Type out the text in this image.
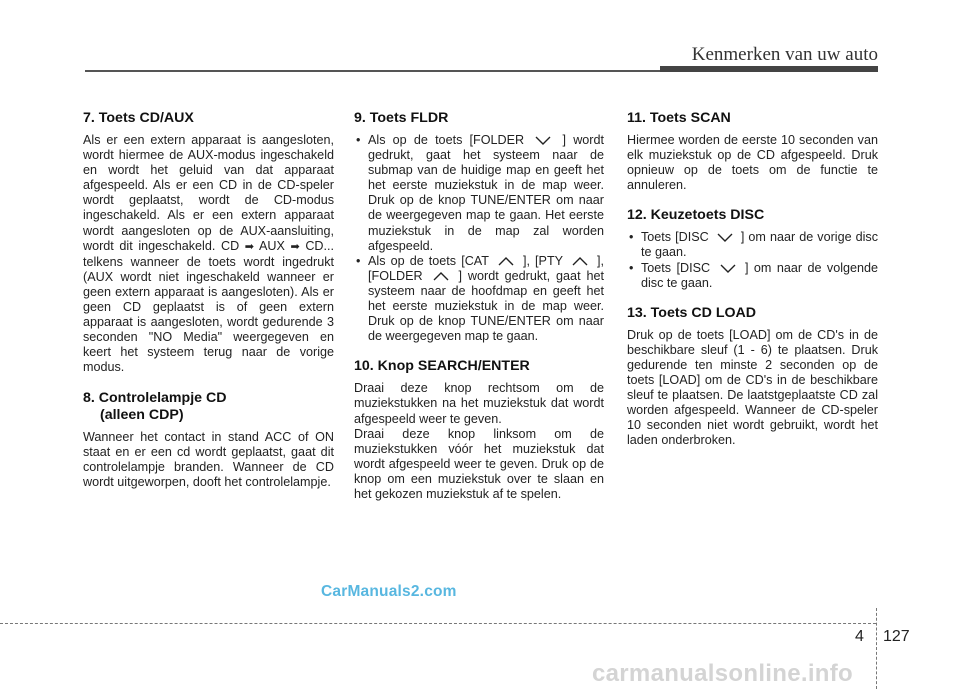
Kenmerken van uw auto
7. Toets CD/AUX

Als er een extern apparaat is aangesloten, wordt hiermee de AUX-modus ingeschakeld en wordt het geluid van dat apparaat afgespeeld. Als er een CD in de CD-speler wordt geplaatst, wordt de CD-modus ingeschakeld. Als er een extern apparaat wordt aangesloten op de AUX-aansluiting, wordt dit ingeschakeld. CD ➡ AUX ➡ CD... telkens wanneer de toets wordt ingedrukt (AUX wordt niet ingeschakeld wanneer er geen extern apparaat is aangesloten). Als er geen CD geplaatst is of geen extern apparaat is aangesloten, wordt gedurende 3 seconden "NO Media" weergegeven en keert het systeem terug naar de vorige modus.

8. Controlelampje CD
(alleen CDP)

Wanneer het contact in stand ACC of ON staat en er een cd wordt geplaatst, gaat dit controlelampje branden. Wanneer de CD wordt uitgeworpen, dooft het controlelampje.

9. Toets FLDR
• Als op de toets [FOLDER	] wordt gedrukt, gaat het systeem naar de submap van de huidige map en geeft het het eerste muziekstuk in de map weer. Druk op de knop TUNE/ENTER om naar de weergegeven map te gaan. Het eerste muziekstuk in de map zal worden afgespeeld.
• Als op de toets [CAT	], [PTY	], [FOLDER	] wordt gedrukt, gaat het systeem naar de hoofdmap en geeft het het eerste muziekstuk in de map weer. Druk op de knop TUNE/ENTER om naar de weergegeven map te gaan.
10. Knop SEARCH/ENTER

Draai deze knop rechtsom om de muziekstukken na het muziekstuk dat wordt afgespeeld weer te geven.

Draai deze knop linksom om de muziekstukken vóór het muziekstuk dat wordt afgespeeld weer te geven. Druk op de knop om een muziekstuk over te slaan en het gekozen muziekstuk af te spelen.

11. Toets SCAN

Hiermee worden de eerste 10 seconden van elk muziekstuk op de CD afgespeeld. Druk opnieuw op de toets om de functie te annuleren.

12. Keuzetoets DISC
• Toets [DISC	] om naar de vorige disc te gaan.
• Toets [DISC	] om naar de volgende disc te gaan.
13. Toets CD LOAD

Druk op de toets [LOAD] om de CD's in de beschikbare sleuf (1 - 6) te plaatsen. Druk gedurende ten minste 2 seconden op de toets [LOAD] om de CD's in de beschikbare sleuf te plaatsen. De laatstgeplaatste CD zal worden afgespeeld. Wanneer de CD-speler 10 seconden niet wordt gebruikt, wordt het laden onderbroken.

CarManuals2.com
4 127
carmanualsonline.info
